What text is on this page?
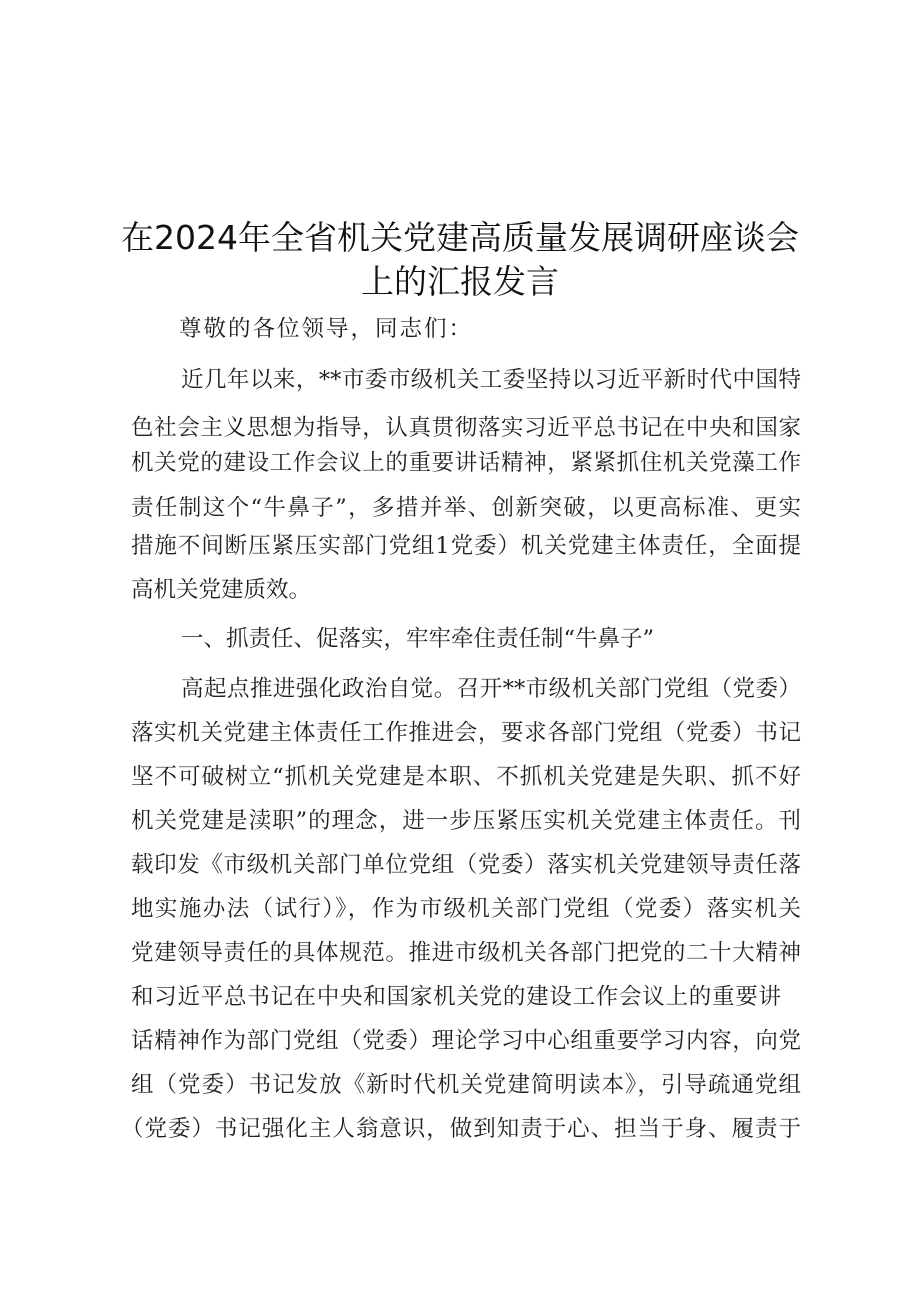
在2024年全省机关党建高质量发展调研座谈会
上的汇报发言
尊敬的各位领导，同志们：
近几年以来，**市委市级机关工委坚持以习近平新时代中国特
色社会主义思想为指导，认真贯彻落实习近平总书记在中央和国家
机关党的建设工作会议上的重要讲话精神，紧紧抓住机关党藻工作
责任制这个“牛鼻子”，多措并举、创新突破，以更高标准、更实
措施不间断压紧压实部门党组1党委）机关党建主体责任，全面提
高机关党建质效。
一、抓责任、促落实，牢牢牵住责任制“牛鼻子”
高起点推进强化政治自觉。召开**市级机关部门党组（党委）
落实机关党建主体责任工作推进会，要求各部门党组（党委）书记
坚不可破树立“抓机关党建是本职、不抓机关党建是失职、抓不好
机关党建是渎职”的理念，进一步压紧压实机关党建主体责任。刊
载印发《市级机关部门单位党组（党委）落实机关党建领导责任落
地实施办法（试行）》，作为市级机关部门党组（党委）落实机关
党建领导责任的具体规范。推进市级机关各部门把党的二十大精神
和习近平总书记在中央和国家机关党的建设工作会议上的重要讲
话精神作为部门党组（党委）理论学习中心组重要学习内容，向党
组（党委）书记发放《新时代机关党建简明读本》，引导疏通党组
（党委）书记强化主人翁意识，做到知责于心、担当于身、履责于
